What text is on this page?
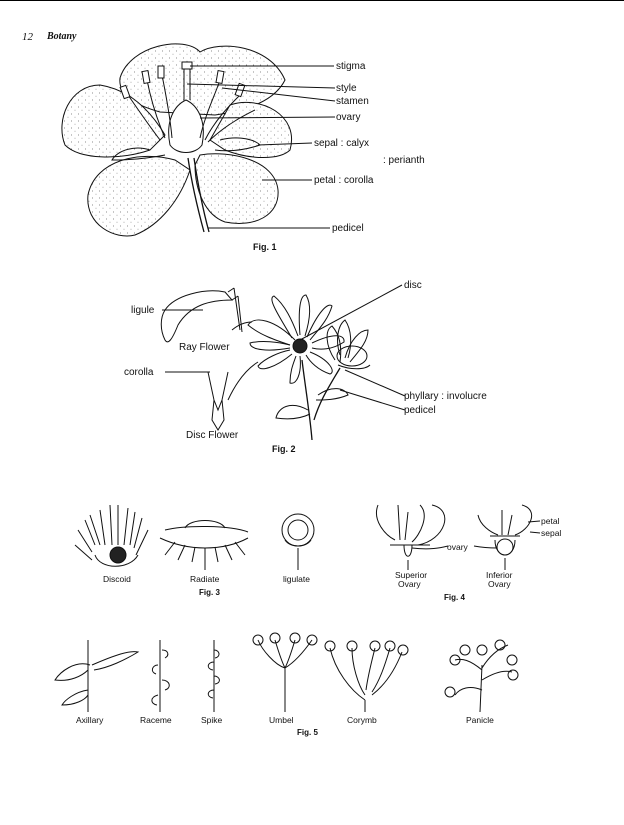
12 Botany
stigma
style
stamen
ovary
sepal : calyx
: perianth
petal : corolla
pedicel
Fig. 1
disc
ligule
Ray Flower
corolla
phyllary : involucre
pedicel
Disc Flower
Fig. 2
Discoid	Radiate	ligulate
Fig. 3
petal
sepal
ovary
Superior
Ovary
Inferior
Ovary
Fig. 4
Axillary	Raceme	Spike	Umbel	Corymb	Panicle
Fig. 5
